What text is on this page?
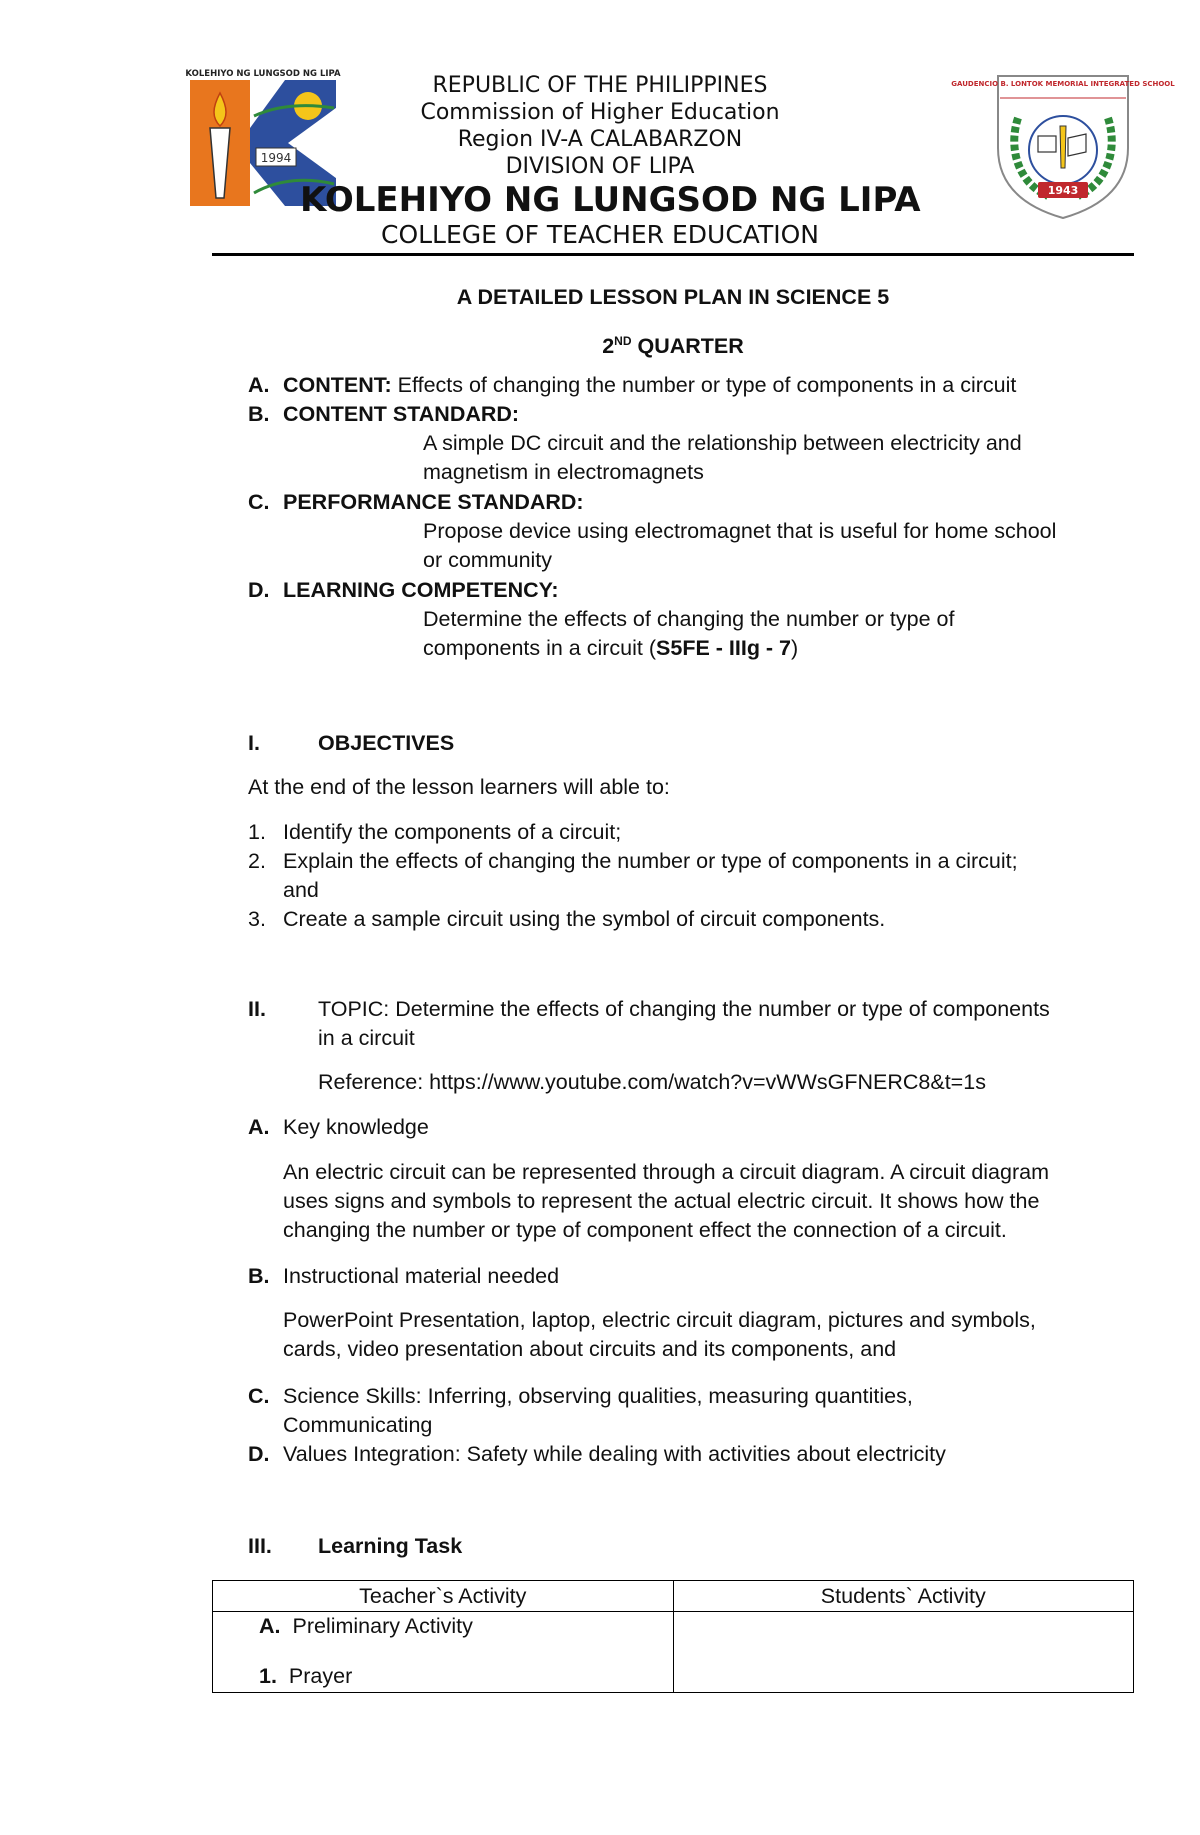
1994
KOLEHIYO NG LUNGSOD NG LIPA
1943
GAUDENCIO B. LONTOK MEMORIAL INTEGRATED SCHOOL
REPUBLIC OF THE PHILIPPINES
Commission of Higher Education
Region IV-A CALABARZON
DIVISION OF LIPA
KOLEHIYO NG LUNGSOD NG LIPA
COLLEGE OF TEACHER EDUCATION
A DETAILED LESSON PLAN IN SCIENCE 5
2ND QUARTER
A. CONTENT: Effects of changing the number or type of components in a circuit
B. CONTENT STANDARD:
A simple DC circuit and the relationship between electricity and
magnetism in electromagnets
C. PERFORMANCE STANDARD:
Propose device using electromagnet that is useful for home school
or community
D. LEARNING COMPETENCY:
Determine the effects of changing the number or type of
components in a circuit (S5FE - IIIg - 7)
I.	OBJECTIVES
At the end of the lesson learners will able to:
1. Identify the components of a circuit;
2. Explain the effects of changing the number or type of components in a circuit;
and
3. Create a sample circuit using the symbol of circuit components.
II. TOPIC: Determine the effects of changing the number or type of components
in a circuit
Reference: https://www.youtube.com/watch?v=vWWsGFNERC8&t=1s
A. Key knowledge
An electric circuit can be represented through a circuit diagram. A circuit diagram
uses signs and symbols to represent the actual electric circuit. It shows how the
changing the number or type of component effect the connection of a circuit.
B. Instructional material needed
PowerPoint Presentation, laptop, electric circuit diagram, pictures and symbols,
cards, video presentation about circuits and its components, and
C. Science Skills: Inferring, observing qualities, measuring quantities,
Communicating
D. Values Integration: Safety while dealing with activities about electricity
III. Learning Task
Teacher`s Activity	Students` Activity

A. Preliminary Activity
1. Prayer	
